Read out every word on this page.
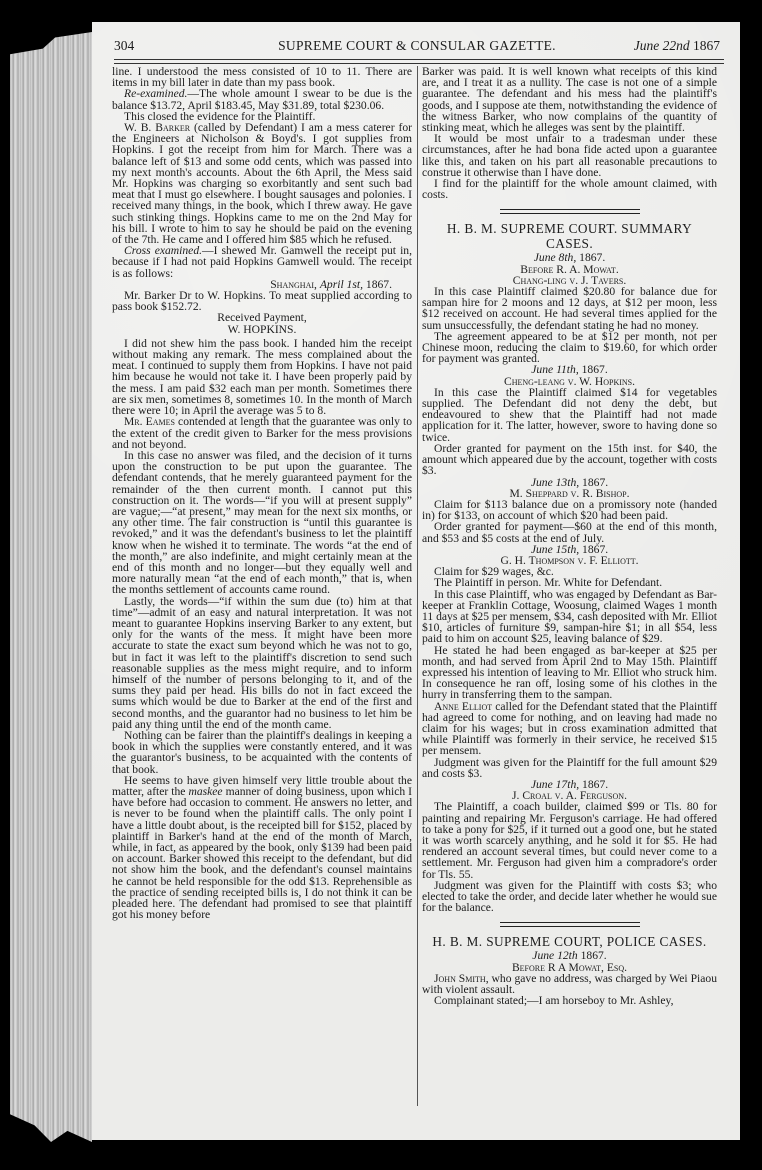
304	SUPREME COURT & CONSULAR GAZETTE.	June 22nd 1867

line. I understood the mess consisted of 10 to 11. There are items in my bill later in date than my pass book.

Re-examined.—The whole amount I swear to be due is the balance $13.72, April $183.45, May $31.89, total $230.06.

This closed the evidence for the Plaintiff.

W. B. Barker (called by Defendant) I am a mess caterer for the Engineers at Nicholson & Boyd's. I got supplies from Hopkins. I got the receipt from him for March. There was a balance left of $13 and some odd cents, which was passed into my next month's accounts. About the 6th April, the Mess said Mr. Hopkins was charging so exorbitantly and sent such bad meat that I must go elsewhere. I bought sausages and polonies. I received many things, in the book, which I threw away. He gave such stinking things. Hopkins came to me on the 2nd May for his bill. I wrote to him to say he should be paid on the evening of the 7th. He came and I offered him $85 which he refused.

Cross examined.—I shewed Mr. Gamwell the receipt put in, because if I had not paid Hopkins Gamwell would. The receipt is as follows:

Shanghai, April 1st, 1867.

Mr. Barker Dr to W. Hopkins. To meat supplied according to pass book $152.72.

Received Payment,

W. HOPKINS.

I did not shew him the pass book. I handed him the receipt without making any remark. The mess complained about the meat. I continued to supply them from Hopkins. I have not paid him because he would not take it. I have been properly paid by the mess. I am paid $32 each man per month. Sometimes there are six men, sometimes 8, sometimes 10. In the month of March there were 10; in April the average was 5 to 8.

Mr. Eames contended at length that the guarantee was only to the extent of the credit given to Barker for the mess provisions and not beyond.

In this case no answer was filed, and the decision of it turns upon the construction to be put upon the guarantee. The defendant contends, that he merely guaranteed payment for the remainder of the then current month. I cannot put this construction on it. The words—“if you will at present supply” are vague;—“at present,” may mean for the next six months, or any other time. The fair construction is “until this guarantee is revoked,” and it was the defendant's business to let the plaintiff know when he wished it to terminate. The words “at the end of the month,” are also indefinite, and might certainly mean at the end of this month and no longer—but they equally well and more naturally mean “at the end of each month,” that is, when the months settlement of accounts came round.

Lastly, the words—“if within the sum due (to) him at that time”—admit of an easy and natural interpretation. It was not meant to guarantee Hopkins inserving Barker to any extent, but only for the wants of the mess. It might have been more accurate to state the exact sum beyond which he was not to go, but in fact it was left to the plaintiff's discretion to send such reasonable supplies as the mess might require, and to inform himself of the number of persons belonging to it, and of the sums they paid per head. His bills do not in fact exceed the sums which would be due to Barker at the end of the first and second months, and the guarantor had no business to let him be paid any thing until the end of the month came.

Nothing can be fairer than the plaintiff's dealings in keeping a book in which the supplies were constantly entered, and it was the guarantor's business, to be acquainted with the contents of that book.

He seems to have given himself very little trouble about the matter, after the maskee manner of doing business, upon which I have before had occasion to comment. He answers no letter, and is never to be found when the plaintiff calls. The only point I have a little doubt about, is the receipted bill for $152, placed by plaintiff in Barker's hand at the end of the month of March, while, in fact, as appeared by the book, only $139 had been paid on account. Barker showed this receipt to the defendant, but did not show him the book, and the defendant's counsel maintains he cannot be held responsible for the odd $13. Reprehensible as the practice of sending receipted bills is, I do not think it can be pleaded here. The defendant had promised to see that plaintiff got his money before

Barker was paid. It is well known what receipts of this kind are, and I treat it as a nullity. The case is not one of a simple guarantee. The defendant and his mess had the plaintiff's goods, and I suppose ate them, notwithstanding the evidence of the witness Barker, who now complains of the quantity of stinking meat, which he alleges was sent by the plaintiff.

It would be most unfair to a tradesman under these circumstances, after he had bona fide acted upon a guarantee like this, and taken on his part all reasonable precautions to construe it otherwise than I have done.

I find for the plaintiff for the whole amount claimed, with costs.

H. B. M. SUPREME COURT. SUMMARY CASES.

June 8th, 1867.

Before R. A. Mowat.

Chang-ling v. J. Tavers.

In this case Plaintiff claimed $20.80 for balance due for sampan hire for 2 moons and 12 days, at $12 per moon, less $12 received on account. He had several times applied for the sum unsuccessfully, the defendant stating he had no money.

The agreement appeared to be at $12 per month, not per Chinese moon, reducing the claim to $19.60, for which order for payment was granted.

June 11th, 1867.

Cheng-leang v. W. Hopkins.

In this case the Plaintiff claimed $14 for vegetables supplied. The Defendant did not deny the debt, but endeavoured to shew that the Plaintiff had not made application for it. The latter, however, swore to having done so twice.

Order granted for payment on the 15th inst. for $40, the amount which appeared due by the account, together with costs $3.

June 13th, 1867.

M. Sheppard v. R. Bishop.

Claim for $113 balance due on a promissory note (handed in) for $133, on account of which $20 had been paid.

Order granted for payment—$60 at the end of this month, and $53 and $5 costs at the end of July.

June 15th, 1867.

G. H. Thompson v. F. Elliott.

Claim for $29 wages, &c.

The Plaintiff in person. Mr. White for Defendant.

In this case Plaintiff, who was engaged by Defendant as Bar-keeper at Franklin Cottage, Woosung, claimed Wages 1 month 11 days at $25 per mensem, $34, cash deposited with Mr. Elliot $10, articles of furniture $9, sampan-hire $1; in all $54, less paid to him on account $25, leaving balance of $29.

He stated he had been engaged as bar-keeper at $25 per month, and had served from April 2nd to May 15th. Plaintiff expressed his intention of leaving to Mr. Elliot who struck him. In consequence he ran off, losing some of his clothes in the hurry in transferring them to the sampan.

Anne Elliot called for the Defendant stated that the Plaintiff had agreed to come for nothing, and on leaving had made no claim for his wages; but in cross examination admitted that while Plaintiff was formerly in their service, he received $15 per mensem.

Judgment was given for the Plaintiff for the full amount $29 and costs $3.

June 17th, 1867.

J. Croal v. A. Ferguson.

The Plaintiff, a coach builder, claimed $99 or Tls. 80 for painting and repairing Mr. Ferguson's carriage. He had offered to take a pony for $25, if it turned out a good one, but he stated it was worth scarcely anything, and he sold it for $5. He had rendered an account several times, but could never come to a settlement. Mr. Ferguson had given him a compradore's order for Tls. 55.

Judgment was given for the Plaintiff with costs $3; who elected to take the order, and decide later whether he would sue for the balance.

H. B. M. SUPREME COURT, POLICE CASES.

June 12th 1867.

Before R A Mowat, Esq.

John Smith, who gave no address, was charged by Wei Piaou with violent assault.

Complainant stated;—I am horseboy to Mr. Ashley,
